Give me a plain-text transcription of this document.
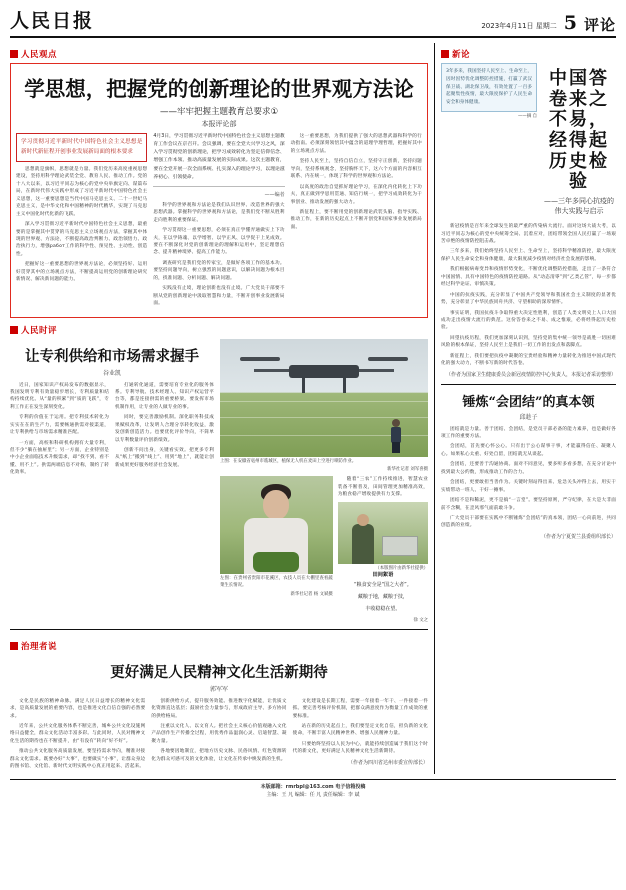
人民日报	2023年4月11日 星期二 5 评论
人民观点
学思想，把握党的创新理论的世界观方法论
——牢牢把握主题教育总要求①
本报评论部
学习贯彻习近平新时代中国特色社会主义思想是新时代新征程开创事业发展新局面的根本要求

思想就是旗帜，思想就是力量。我们党历来高度重视思想建设，坚持用科学理论武装全党、教育人民、推动工作。党的十八大以来，以习近平同志为核心的党中央举旗定向、谋篇布局，在新时代伟大实践中形成了习近平新时代中国特色社会主义思想，这一重要思想是当代中国马克思主义、二十一世纪马克思主义，是中华文化和中国精神的时代精华，实现了马克思主义中国化时代化新的飞跃。

深入学习贯彻习近平新时代中国特色社会主义思想，最重要的是掌握其中贯穿的马克思主义立场观点方法，掌握其中体现的世界观、方法论，不断提高政治判断力、政治领悟力、政治执行力，增强работ工作的科学性、预见性、主动性、创造性。

把握好这一重要思想的世界观方法论，必须坚持好、运用好贯穿其中的立场观点方法，不断提高运用党的创新理论研究新情况、解决新问题的能力。

4月3日，学习贯彻习近平新时代中国特色社会主义思想主题教育工作会议在京召开。会议强调，要在全党大兴学习之风，深入学习贯彻党的创新理论，把学习成效转化为坚定信仰信念、增强工作本领、推动高质量发展的实际成果。这次主题教育，要在全党开展一次全面系统、扎实深入的理论学习，以理论滋养初心、引领使命。
——编者

科学的世界观和方法论是我们认识世界、改造世界的强大思想武器。掌握科学的世界观和方法论，是我们党不断从胜利走向胜利的重要保证。

学习贯彻这一重要思想，必须在真正学懂弄通做实上下功夫，在以学铸魂、以学增智、以学正风、以学促干上见成效。要在不断深化对党的创新理论的理解和运用中，坚定理想信念、提升精神境界、提高工作能力。

调查研究是我们党的传家宝，是做好各项工作的基本功。要坚持问题导向，树立强烈的问题意识，以解决问题为根本目的，找准问题、分析问题、解决问题。

实践没有止境，理论创新也没有止境。广大党员干部要不断从党的创新理论中汲取智慧和力量，不断开创事业发展新局面。

这一重要思想，为我们提供了强大的思想武器和科学的行动指南。必须深刻领悟其中蕴含的道理学理哲理，把握好其中的立场观点方法。

坚持人民至上，坚持自信自立，坚持守正创新，坚持问题导向，坚持系统观念，坚持胸怀天下，这六个方面的内容相互联系、内在统一，体现了科学的世界观和方法论。

以高度的政治自觉抓好理论学习，在深化内化转化上下功夫，真正做到学思用贯通、知信行统一，把学习成效转化为干事创业、推动发展的强大动力。

新征程上，要不断用党的创新理论武装头脑、指导实践、推动工作，在新的历史起点上不断开创党和国家事业发展新局面。

人民时评
让专利供给和市场需求握手
谷业凯

近日，国家知识产权局发布的数据显示，我国发明专利有效量稳步增长，专利质量和结构持续优化。从“量的积累”到“质的飞跃”，专利工作正在发生深刻变化。

专利的价值在于运用。把专利技术转化为实实在在的生产力，需要畅通供需对接渠道，让专利供给与市场需求精准匹配。

一方面，高校和科研机构拥有大量专利，但不少“躺在抽屉里”；另一方面，企业特别是中小企业面临技术升级需求，却“找不到、看不懂、用不上”。供需两端信息不对称，制约了转化效率。

打通转化通道，需要培育专业化的服务体系。专利导航、技术经理人、知识产权运营平台等，都是连接供需的重要桥梁。要发挥市场机制作用，让专业的人做专业的事。

同时，要完善激励机制。深化职务科技成果赋权改革，让发明人合理分享转化收益，激发创新创造活力。也要优化评价导向，不简单以专利数量评价创新绩效。

创新不问出身，关键看实效。把更多专利从“纸上”搬到“线上”、用到“地上”，就能让创新成果更好服务经济社会发展。

上图：在安徽省亳州市谯城区，植保无人机在麦田上空进行喷防作业。
新华社记者 刘军喜摄
左图：在贵州省贵阳市花溪区，农技人员在大棚里查看蔬菜生长情况。
新华社记者 杨 文斌摄

随着“三农”工作持续推进，智慧农业装备不断普及，田间管理更加精准高效，为粮食稳产增收提供有力支撑。

（本版图片由新华社提供）
田间絮语
“粮食安全是“国之大者”。
藏粮于地，藏粮于技，
丰收稳稳在望。
徐 文之
治理者说
更好满足人民精神文化生活新期待
郭军军

文化是民族的精神命脉。满足人民日益增长的精神文化需求，是高质量发展的重要内容，也是推进文化自信自强的必然要求。

近年来，公共文化服务体系不断完善，城乡公共文化设施网络日益健全，群众文化活动丰富多彩。与此同时，人民对精神文化生活的期待也在不断提升，由“有没有”转向“好不好”。

推动公共文化服务高质量发展，要坚持需求导向，精准对接群众文化需求。既要办好“大事”，也要做实“小事”，让群众身边的图书馆、文化馆、新时代文明实践中心真正用起来、活起来。

创新供给方式，提升服务效能。推进数字化赋能，让优质文化资源直达基层；鼓励社会力量参与，形成政府主导、多方协同的供给格局。

注重以文化人、以文育人。把社会主义核心价值观融入文化产品创作生产传播全过程，用优秀作品温润心灵、启迪智慧、凝聚力量。

各地要因地制宜，把地方历史文脉、民俗风情、红色资源转化为群众可感可及的文化体验，让文化在传承中焕发新的生机。

文化建设是长期工程，需要一年接着一年干、一件接着一件抓。要完善考核评价机制，把群众满意度作为衡量工作成效的重要标准。

站在新的历史起点上，我们要坚定文化自信，担负新的文化使命，不断丰富人民精神世界、增强人民精神力量。

只要始终坚持以人民为中心，就能持续创造属于我们这个时代的新文化，更好满足人民精神文化生活新期待。

（作者为四川省达州市委宣传部长）
新论
3年多来，我国坚持人民至上、生命至上，因时因势优化调整防控措施，打赢了武汉保卫战、湖北保卫战，有效处置了一百多起聚集性疫情，最大限度保护了人民生命安全和身体健康。
——摘 自
中国答卷来之不易，经得起历史检验
——三年多同心抗疫的伟大实践与启示

新冠疫情是百年来全球发生的最严重的传染病大流行。面对这场大战大考，以习近平同志为核心的党中央统筹全局、沉着应对，团结带领全国人民打赢了一场艰苦卓绝的疫情防控阻击战。

三年多来，我们始终坚持人民至上、生命至上，坚持科学精准防控，最大限度保护人民生命安全和身体健康，最大限度减少疫情对经济社会发展的影响。

我们根据病毒变异和疫情形势变化，不断优化调整防控措施，走出了一条符合中国国情、具有中国特色的疫情防控道路。从“动态清零”到“乙类乙管”，每一步都经过科学论证、审慎决策。

中国的抗疫实践，充分彰显了中国共产党领导和我国社会主义制度的显著优势，充分彰显了中华民族同舟共济、守望相助的深厚情怀。

事实证明，我国抗疫斗争取得重大决定性胜利，创造了人类文明史上人口大国成功走出疫情大流行的典范。这份答卷来之不易、成之惟艰，必将经得起历史检验。

回望抗疫历程，我们更加深刻认识到，坚持党的集中统一领导是战胜一切困难风险的根本保证，坚持人民至上是我们一切工作的出发点和落脚点。

新征程上，我们要把抗疫中凝聚的宝贵经验和精神力量转化为推进中国式现代化的强大动力，不断书写新的时代答卷。

（作者为国家卫生健康委员会新冠疫情防控中心负责人，本报记者采访整理）
锤炼“会团结”的真本领
邱趁子

团结就是力量。善于团结、会团结，是党员干部必备的能力素养，也是做好各项工作的重要方法。

会团结，首先要心怀公心。只有出于公心谋事干事，才能赢得信任、凝聚人心。如果私心太重、好处自留，团结就无从谈起。

会团结，还要善于沟通协商。面对不同意见，要多听多看多想，在充分讨论中找到最大公约数，形成推动工作的合力。

会团结，更要敢担当善作为。关键时刻站得出来、危急关头冲得上去，用实干实绩带动一班人、干好一摊事。

团结不是和稀泥，更不是搞“一言堂”。要坚持原则，严守纪律，在大是大非面前不含糊，在歪风邪气面前敢斗争。

广大党员干部要在实践中不断锤炼“会团结”的真本领，团结一心向前进，共同创造新的业绩。

（作者为宁夏贺兰县委组织部长）
本版邮箱：rmrbpl@163.com 电子信箱投稿
主编：王 凡 编辑：任 凡 责任编辑：李 斌
